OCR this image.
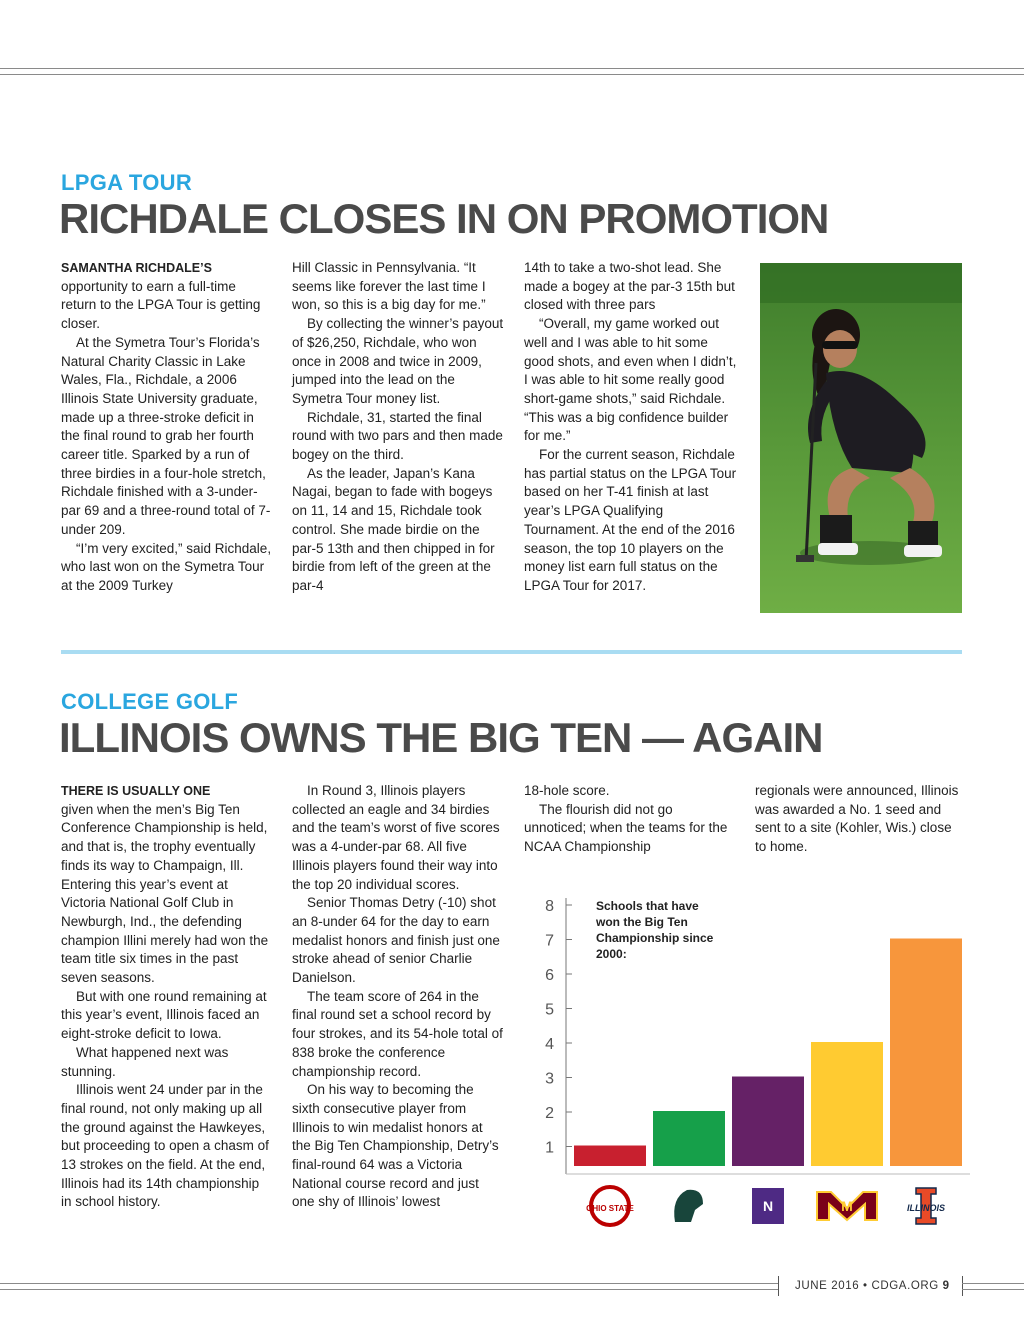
LPGA TOUR
RICHDALE CLOSES IN ON PROMOTION

SAMANTHA RICHDALE’S
opportunity to earn a full-time return to the LPGA Tour is getting closer.

At the Symetra Tour’s Florida’s Natural Charity Classic in Lake Wales, Fla., Richdale, a 2006 Illinois State University graduate, made up a three-stroke deficit in the final round to grab her fourth career title. Sparked by a run of three birdies in a four-hole stretch, Richdale finished with a 3-under-par 69 and a three-round total of 7-under 209.

“I’m very excited,” said Richdale, who last won on the Symetra Tour at the 2009 Turkey

Hill Classic in Pennsylvania. “It seems like forever the last time I won, so this is a big day for me.”

By collecting the winner’s payout of $26,250, Richdale, who won once in 2008 and twice in 2009, jumped into the lead on the Symetra Tour money list.

Richdale, 31, started the final round with two pars and then made bogey on the third.

As the leader, Japan’s Kana Nagai, began to fade with bogeys on 11, 14 and 15, Richdale took control. She made birdie on the par-5 13th and then chipped in for birdie from left of the green at the par-4

14th to take a two-shot lead. She made a bogey at the par-3 15th but closed with three pars

“Overall, my game worked out well and I was able to hit some good shots, and even when I didn’t, I was able to hit some really good short-game shots,” said Richdale. “This was a big confidence builder for me.”

For the current season, Richdale has partial status on the LPGA Tour based on her T-41 finish at last year’s LPGA Qualifying Tournament. At the end of the 2016 season, the top 10 players on the money list earn full status on the LPGA Tour for 2017.

COLLEGE GOLF
ILLINOIS OWNS THE BIG TEN — AGAIN

THERE IS USUALLY ONE
given when the men’s Big Ten Conference Championship is held, and that is, the trophy eventually finds its way to Champaign, Ill. Entering this year’s event at Victoria National Golf Club in Newburgh, Ind., the defending champion Illini merely had won the team title six times in the past seven seasons.

But with one round remaining at this year’s event, Illinois faced an eight-stroke deficit to Iowa.

What happened next was stunning.

Illinois went 24 under par in the final round, not only making up all the ground against the Hawkeyes, but proceeding to open a chasm of 13 strokes on the field. At the end, Illinois had its 14th championship in school history.

In Round 3, Illinois players collected an eagle and 34 birdies and the team’s worst of five scores was a 4-under-par 68. All five Illinois players found their way into the top 20 individual scores.

Senior Thomas Detry (-10) shot an 8-under 64 for the day to earn medalist honors and finish just one stroke ahead of senior Charlie Danielson.

The team score of 264 in the final round set a school record by four strokes, and its 54-hole total of 838 broke the conference championship record.

On his way to becoming the sixth consecutive player from Illinois to win medalist honors at the Big Ten Championship, Detry’s final-round 64 was a Victoria National course record and just one shy of Illinois’ lowest

18-hole score.

The flourish did not go unnoticed; when the teams for the NCAA Championship

regionals were announced, Illinois was awarded a No. 1 seed and sent to a site (Kohler, Wis.) close to home.

1
2
3
4
5
6
7
8
OHIO STATE	N	M	ILLINOIS
Schools that have won the Big Ten Championship since 2000:
JUNE 2016 • CDGA.ORG 9
